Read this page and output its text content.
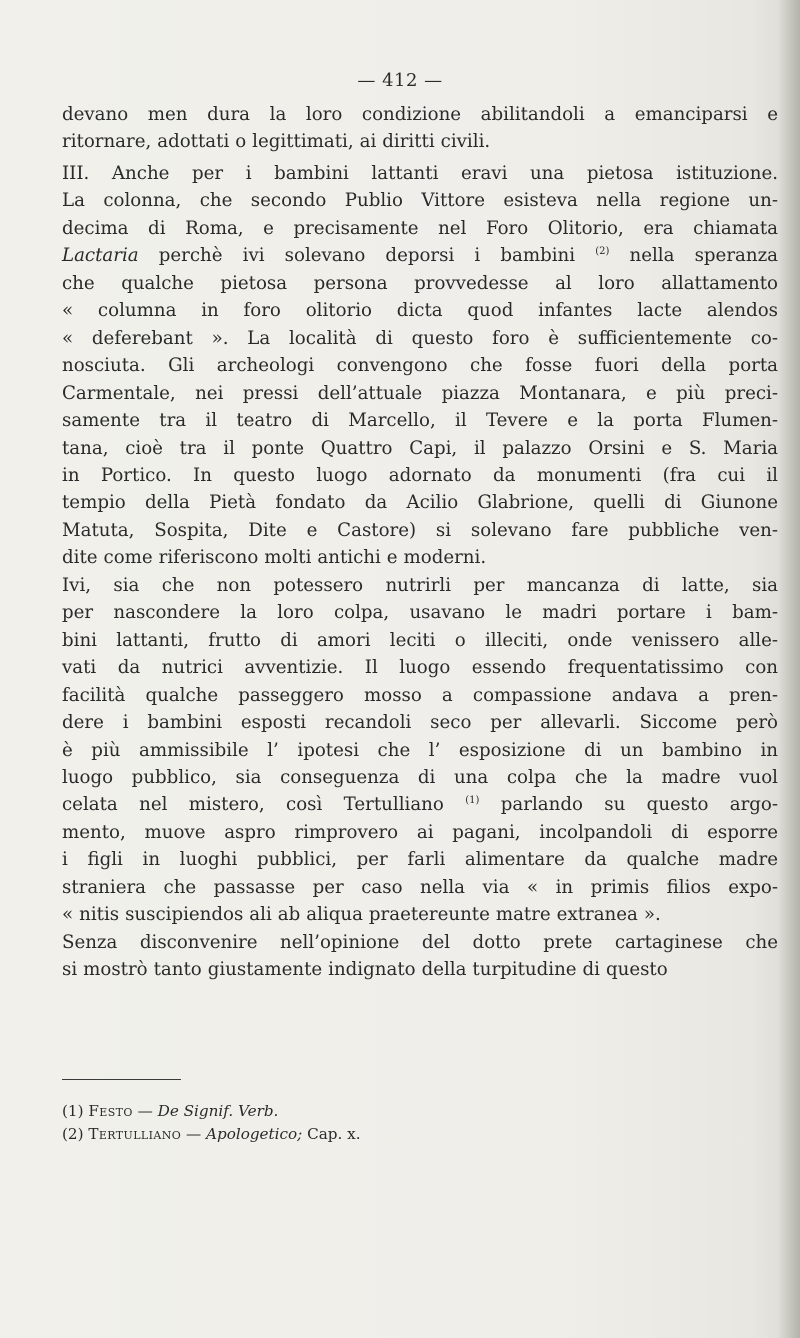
— 412 —

devano men dura la loro condizione abilitandoli a emanciparsi e

ritornare, adottati o legittimati, ai diritti civili.

III. Anche per i bambini lattanti eravi una pietosa istituzione.

La colonna, che secondo Publio Vittore esisteva nella regione un-

decima di Roma, e precisamente nel Foro Olitorio, era chiamata

Lactaria perchè ivi solevano deporsi i bambini $^{(2)}$ nella speranza

che qualche pietosa persona provvedesse al loro allattamento

« columna in foro olitorio dicta quod infantes lacte alendos

« deferebant ». La località di questo foro è sufficientemente co-

nosciuta. Gli archeologi convengono che fosse fuori della porta

Carmentale, nei pressi dell’attuale piazza Montanara, e più preci-

samente tra il teatro di Marcello, il Tevere e la porta Flumen-

tana, cioè tra il ponte Quattro Capi, il palazzo Orsini e S. Maria

in Portico. In questo luogo adornato da monumenti (fra cui il

tempio della Pietà fondato da Acilio Glabrione, quelli di Giunone

Matuta, Sospita, Dite e Castore) si solevano fare pubbliche ven-

dite come riferiscono molti antichi e moderni.

Ivi, sia che non potessero nutrirli per mancanza di latte, sia

per nascondere la loro colpa, usavano le madri portare i bam-

bini lattanti, frutto di amori leciti o illeciti, onde venissero alle-

vati da nutrici avventizie. Il luogo essendo frequentatissimo con

facilità qualche passeggero mosso a compassione andava a pren-

dere i bambini esposti recandoli seco per allevarli. Siccome però

è più ammissibile l’ ipotesi che l’ esposizione di un bambino in

luogo pubblico, sia conseguenza di una colpa che la madre vuol

celata nel mistero, così Tertulliano $^{(1)}$ parlando su questo argo-

mento, muove aspro rimprovero ai pagani, incolpandoli di esporre

i figli in luoghi pubblici, per farli alimentare da qualche madre

straniera che passasse per caso nella via « in primis filios expo-

« nitis suscipiendos ali ab aliqua praetereunte matre extranea ».

Senza disconvenire nell’opinione del dotto prete cartaginese che

si mostrò tanto giustamente indignato della turpitudine di questo

(1) Festo — De Signif. Verb.
(2) Tertulliano — Apologetico; Cap. x.
